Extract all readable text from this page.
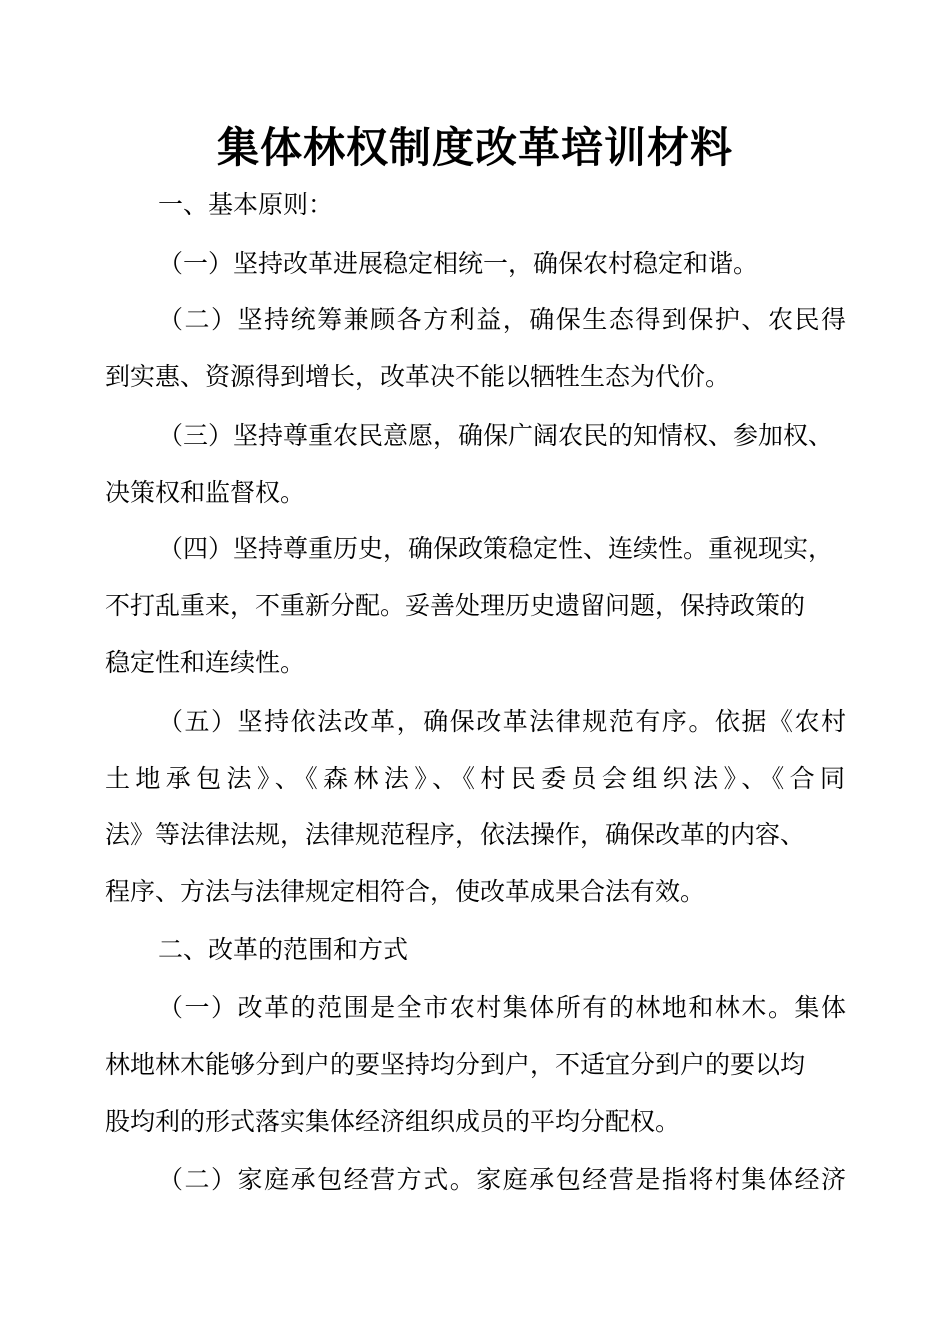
集体林权制度改革培训材料

一、基本原则：

（一）坚持改革进展稳定相统一，确保农村稳定和谐。

（二）坚持统筹兼顾各方利益，确保生态得到保护、农民得

到实惠、资源得到增长，改革决不能以牺牲生态为代价。

（三）坚持尊重农民意愿，确保广阔农民的知情权、参加权、

决策权和监督权。

（四）坚持尊重历史，确保政策稳定性、连续性。重视现实，

不打乱重来，不重新分配。妥善处理历史遗留问题，保持政策的

稳定性和连续性。

（五）坚持依法改革，确保改革法律规范有序。依据《农村

土地承包法》、《森林法》、《村民委员会组织法》、《合同

法》等法律法规，法律规范程序，依法操作，确保改革的内容、

程序、方法与法律规定相符合，使改革成果合法有效。

二、改革的范围和方式

（一）改革的范围是全市农村集体所有的林地和林木。集体

林地林木能够分到户的要坚持均分到户，不适宜分到户的要以均

股均利的形式落实集体经济组织成员的平均分配权。

（二）家庭承包经营方式。家庭承包经营是指将村集体经济
